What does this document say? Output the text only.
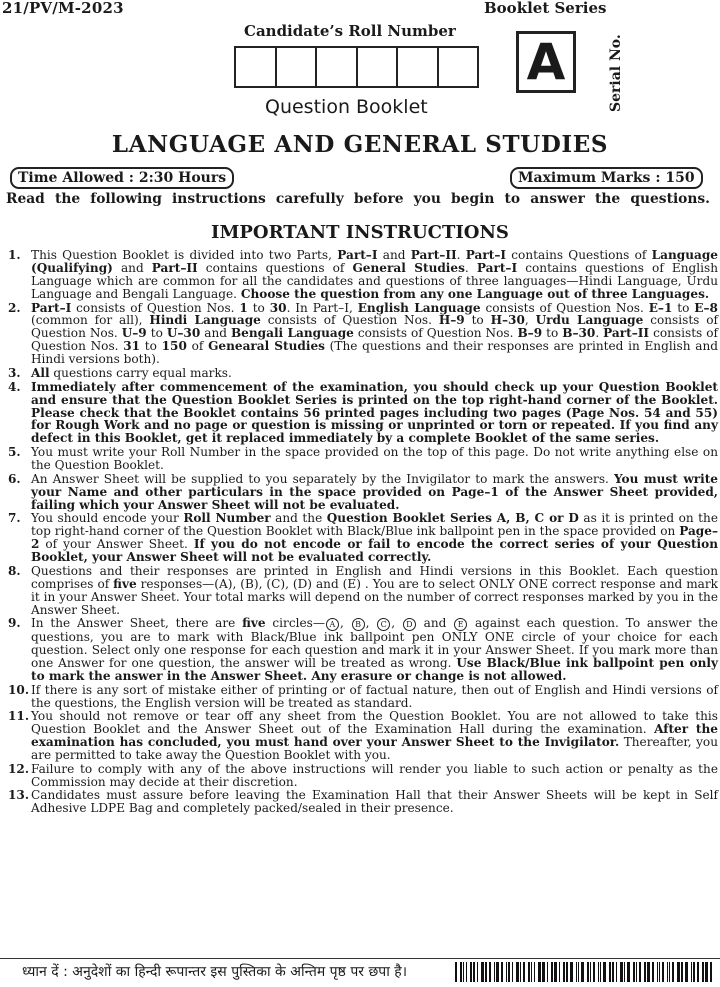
21/PV/M-2023	Booklet Series
Candidate’s Roll Number
A	Serial No.
Question Booklet
LANGUAGE AND GENERAL STUDIES
Time Allowed : 2:30 Hours	Maximum Marks : 150
Read the following instructions carefully before you begin to answer the questions.
IMPORTANT INSTRUCTIONS
1. This Question Booklet is divided into two Parts, Part–I and Part–II. Part–I contains Questions of Language (Qualifying) and Part–II contains questions of General Studies. Part–I contains questions of English Language which are common for all the candidates and questions of three languages—Hindi Language, Urdu Language and Bengali Language. Choose the question from any one Language out of three Languages.
2. Part–I consists of Question Nos. 1 to 30. In Part–I, English Language consists of Question Nos. E–1 to E–8 (common for all), Hindi Language consists of Question Nos. H–9 to H–30, Urdu Language consists of Question Nos. U–9 to U–30 and Bengali Language consists of Question Nos. B–9 to B–30. Part–II consists of Question Nos. 31 to 150 of Genearal Studies (The questions and their responses are printed in English and Hindi versions both).
3. All questions carry equal marks.
4. Immediately after commencement of the examination, you should check up your Question Booklet and ensure that the Question Booklet Series is printed on the top right-hand corner of the Booklet. Please check that the Booklet contains 56 printed pages including two pages (Page Nos. 54 and 55) for Rough Work and no page or question is missing or unprinted or torn or repeated. If you find any defect in this Booklet, get it replaced immediately by a complete Booklet of the same series.
5. You must write your Roll Number in the space provided on the top of this page. Do not write anything else on the Question Booklet.
6. An Answer Sheet will be supplied to you separately by the Invigilator to mark the answers. You must write your Name and other particulars in the space provided on Page–1 of the Answer Sheet provided, failing which your Answer Sheet will not be evaluated.
7. You should encode your Roll Number and the Question Booklet Series A, B, C or D as it is printed on the top right-hand corner of the Question Booklet with Black/Blue ink ballpoint pen in the space provided on Page–2 of your Answer Sheet. If you do not encode or fail to encode the correct series of your Question Booklet, your Answer Sheet will not be evaluated correctly.
8. Questions and their responses are printed in English and Hindi versions in this Booklet. Each question comprises of five responses—(A), (B), (C), (D) and (E) . You are to select ONLY ONE correct response and mark it in your Answer Sheet. Your total marks will depend on the number of correct responses marked by you in the Answer Sheet.
9. In the Answer Sheet, there are five circles— A , B , C , D and E against each question. To answer the questions, you are to mark with Black/Blue ink ballpoint pen ONLY ONE circle of your choice for each question. Select only one response for each question and mark it in your Answer Sheet. If you mark more than one Answer for one question, the answer will be treated as wrong. Use Black/Blue ink ballpoint pen only to mark the answer in the Answer Sheet. Any erasure or change is not allowed.
10. If there is any sort of mistake either of printing or of factual nature, then out of English and Hindi versions of the questions, the English version will be treated as standard.
11. You should not remove or tear off any sheet from the Question Booklet. You are not allowed to take this Question Booklet and the Answer Sheet out of the Examination Hall during the examination. After the examination has concluded, you must hand over your Answer Sheet to the Invigilator. Thereafter, you are permitted to take away the Question Booklet with you.
12. Failure to comply with any of the above instructions will render you liable to such action or penalty as the Commission may decide at their discretion.
13. Candidates must assure before leaving the Examination Hall that their Answer Sheets will be kept in Self Adhesive LDPE Bag and completely packed/sealed in their presence.
ध्यान दें : अनुदेशों का हिन्दी रूपान्तर इस पुस्तिका के अन्तिम पृष्ठ पर छपा है।
